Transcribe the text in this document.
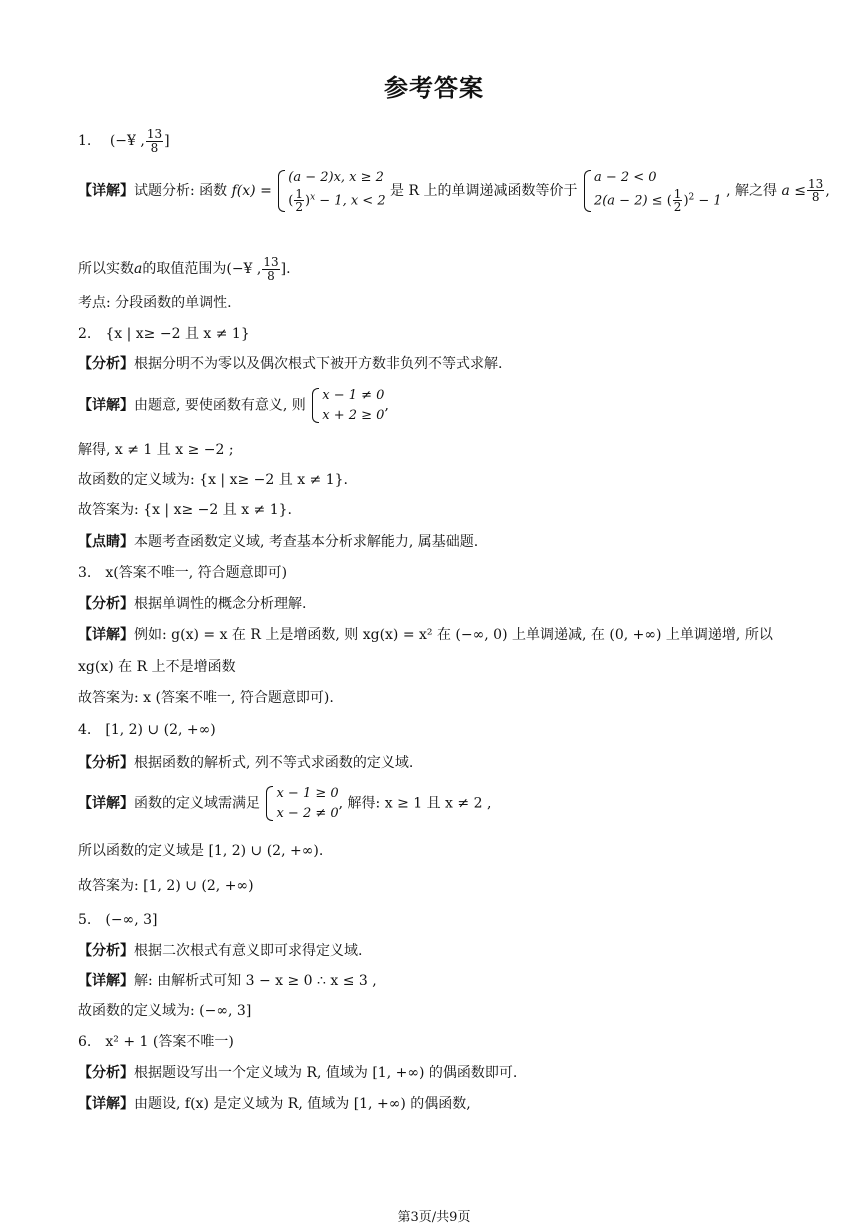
参考答案
1. (−¥ , $\frac{13}{8}$ ]
【详解】试题分析: 函数 f(x) =
(a − 2)x, x ≥ 2
( $\frac{1}{2} )^x - 1$, x < 2
是 R 上的单调递减函数等价于
a − 2 < 0
2(a − 2) ≤ ( $\frac{1}{2} )^2 - 1$
, 解之得 $a \le \frac{13}{8}$ ,
所以实数a的取值范围为(−¥ , $\frac{13}{8}$ ].
考点: 分段函数的单调性.
2. {x | x≥ −2 且 x ≠ 1}
【分析】根据分明不为零以及偶次根式下被开方数非负列不等式求解.
【详解】由题意, 要使函数有意义, 则
x − 1 ≠ 0
x + 2 ≥ 0
,
解得, x ≠ 1 且 x ≥ −2 ;
故函数的定义域为: {x | x≥ −2 且 x ≠ 1}.
故答案为: {x | x≥ −2 且 x ≠ 1}.
【点睛】本题考查函数定义域, 考查基本分析求解能力, 属基础题.
3. x(答案不唯一, 符合题意即可)
【分析】根据单调性的概念分析理解.
【详解】例如: g(x) = x 在 R 上是增函数, 则 xg(x) = x² 在 (−∞, 0) 上单调递减, 在 (0, +∞) 上单调递增, 所以
xg(x) 在 R 上不是增函数
故答案为: x (答案不唯一, 符合题意即可).
4. [1, 2) ∪ (2, +∞)
【分析】根据函数的解析式, 列不等式求函数的定义域.
【详解】函数的定义域需满足
x − 1 ≥ 0
x − 2 ≠ 0
, 解得: x ≥ 1 且 x ≠ 2 ,
所以函数的定义域是 [1, 2) ∪ (2, +∞).
故答案为: [1, 2) ∪ (2, +∞)
5. (−∞, 3]
【分析】根据二次根式有意义即可求得定义域.
【详解】解: 由解析式可知 3 − x ≥ 0 ∴ x ≤ 3 ,
故函数的定义域为: (−∞, 3]
6. x² + 1 (答案不唯一)
【分析】根据题设写出一个定义域为 R, 值域为 [1, +∞) 的偶函数即可.
【详解】由题设, f(x) 是定义域为 R, 值域为 [1, +∞) 的偶函数,
第3页/共9页
